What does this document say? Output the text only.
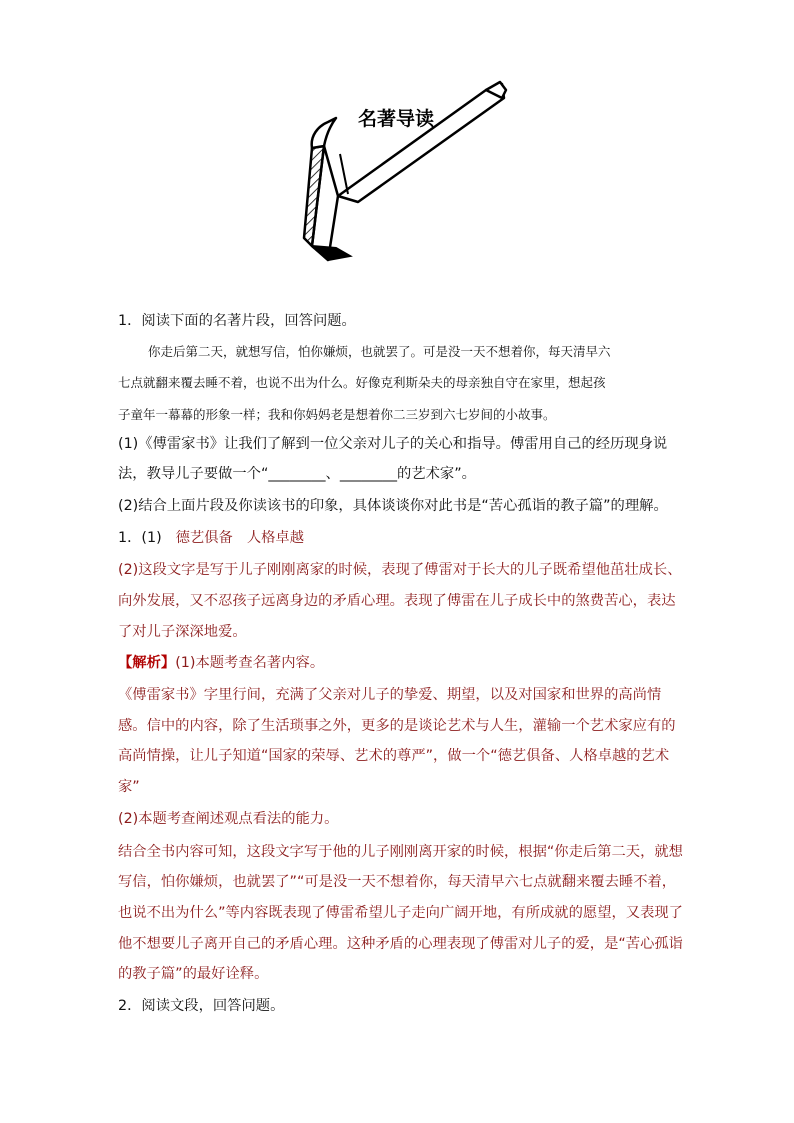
名著导读
1．阅读下面的名著片段，回答问题。
你走后第二天，就想写信，怕你嫌烦，也就罢了。可是没一天不想着你，每天清早六
七点就翻来覆去睡不着，也说不出为什么。好像克利斯朵夫的母亲独自守在家里，想起孩
子童年一幕幕的形象一样；我和你妈妈老是想着你二三岁到六七岁间的小故事。
(1)《傅雷家书》让我们了解到一位父亲对儿子的关心和指导。傅雷用自己的经历现身说
法，教导儿子要做一个“________、________的艺术家”。
(2)结合上面片段及你读该书的印象，具体谈谈你对此书是“苦心孤诣的教子篇”的理解。
1．(1) 德艺俱备 人格卓越
(2)这段文字是写于儿子刚刚离家的时候，表现了傅雷对于长大的儿子既希望他茁壮成长、
向外发展，又不忍孩子远离身边的矛盾心理。表现了傅雷在儿子成长中的煞费苦心，表达
了对儿子深深地爱。
【解析】(1)本题考查名著内容。
《傅雷家书》字里行间，充满了父亲对儿子的挚爱、期望，以及对国家和世界的高尚情
感。信中的内容，除了生活琐事之外，更多的是谈论艺术与人生，灌输一个艺术家应有的
高尚情操，让儿子知道“国家的荣辱、艺术的尊严”，做一个“德艺俱备、人格卓越的艺术
家”
(2)本题考查阐述观点看法的能力。
结合全书内容可知，这段文字写于他的儿子刚刚离开家的时候，根据“你走后第二天，就想
写信，怕你嫌烦，也就罢了”“可是没一天不想着你，每天清早六七点就翻来覆去睡不着，
也说不出为什么”等内容既表现了傅雷希望儿子走向广阔开地，有所成就的愿望，又表现了
他不想要儿子离开自己的矛盾心理。这种矛盾的心理表现了傅雷对儿子的爱，是“苦心孤诣
的教子篇”的最好诠释。
2．阅读文段，回答问题。
